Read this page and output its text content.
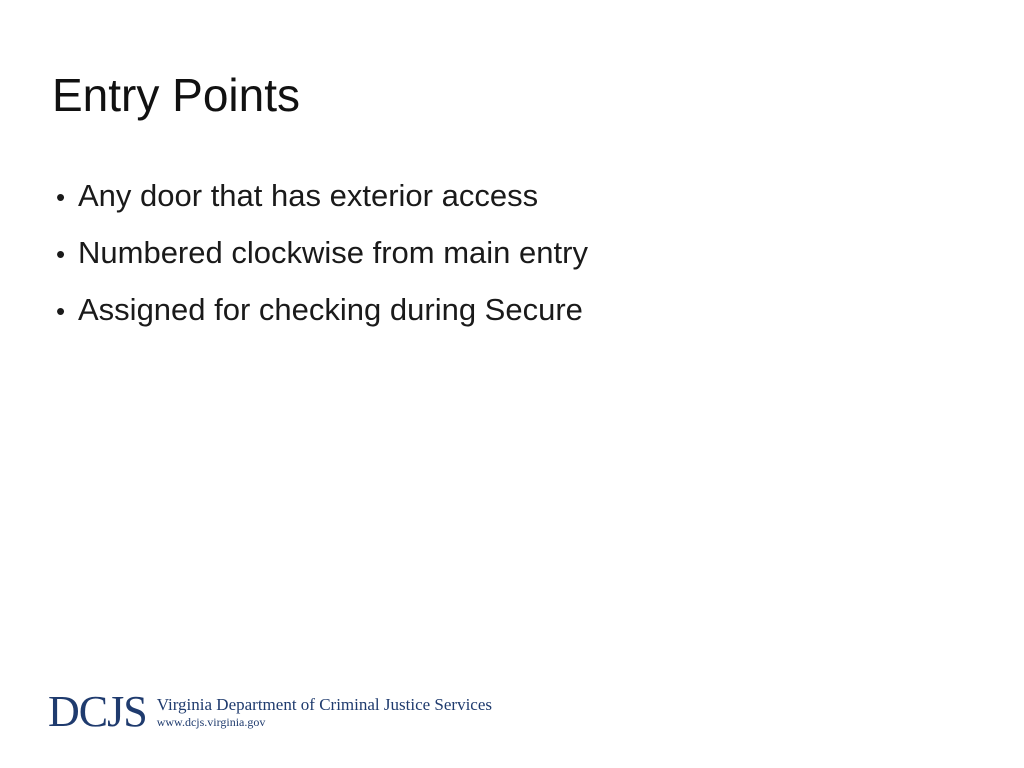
Entry Points
• Any door that has exterior access
• Numbered clockwise from main entry
• Assigned for checking during Secure
DCJS Virginia Department of Criminal Justice Services
www.dcjs.virginia.gov
